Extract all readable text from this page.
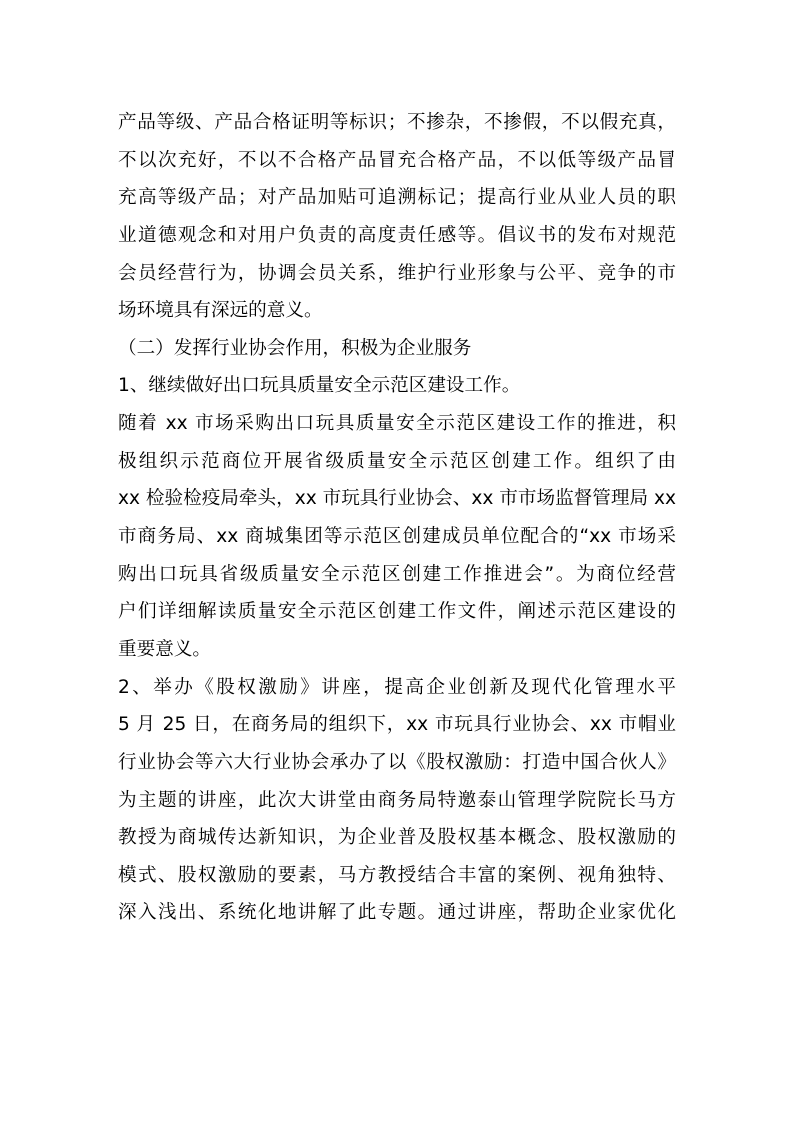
产品等级、产品合格证明等标识；不掺杂，不掺假，不以假充真，
不以次充好，不以不合格产品冒充合格产品，不以低等级产品冒
充高等级产品；对产品加贴可追溯标记；提高行业从业人员的职
业道德观念和对用户负责的高度责任感等。倡议书的发布对规范
会员经营行为，协调会员关系，维护行业形象与公平、竞争的市
场环境具有深远的意义。
（二）发挥行业协会作用，积极为企业服务
1、继续做好出口玩具质量安全示范区建设工作。
随着 xx 市场采购出口玩具质量安全示范区建设工作的推进，积
极组织示范商位开展省级质量安全示范区创建工作。组织了由
xx 检验检疫局牵头，xx 市玩具行业协会、xx 市市场监督管理局 xx
市商务局、xx 商城集团等示范区创建成员单位配合的“xx 市场采
购出口玩具省级质量安全示范区创建工作推进会”。为商位经营
户们详细解读质量安全示范区创建工作文件，阐述示范区建设的
重要意义。
2、举办《股权激励》讲座，提高企业创新及现代化管理水平
5 月 25 日，在商务局的组织下，xx 市玩具行业协会、xx 市帽业
行业协会等六大行业协会承办了以《股权激励：打造中国合伙人》
为主题的讲座，此次大讲堂由商务局特邀泰山管理学院院长马方
教授为商城传达新知识，为企业普及股权基本概念、股权激励的
模式、股权激励的要素，马方教授结合丰富的案例、视角独特、
深入浅出、系统化地讲解了此专题。通过讲座，帮助企业家优化
